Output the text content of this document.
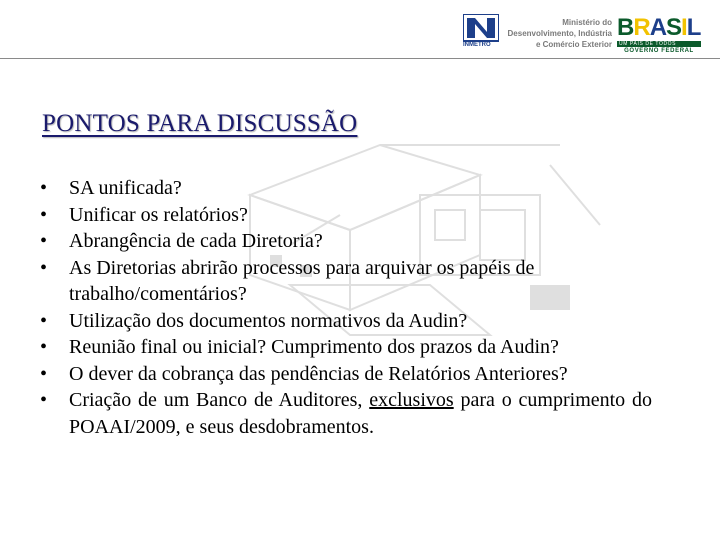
INMETRO
Ministério do
Desenvolvimento, Indústria
e Comércio Exterior
B R A S I L
UM PAÍS DE TODOS
GOVERNO FEDERAL
PONTOS PARA DISCUSSÃO
• SA unificada?
• Unificar os relatórios?
• Abrangência de cada Diretoria?
• As Diretorias abrirão processos para arquivar os papéis de trabalho/comentários?
• Utilização dos documentos normativos da Audin?
• Reunião final ou inicial? Cumprimento dos prazos da Audin?
• O dever da cobrança das pendências de Relatórios Anteriores?
• Criação de um Banco de Auditores, exclusivos para o cumprimento do POAAI/2009, e seus desdobramentos.
